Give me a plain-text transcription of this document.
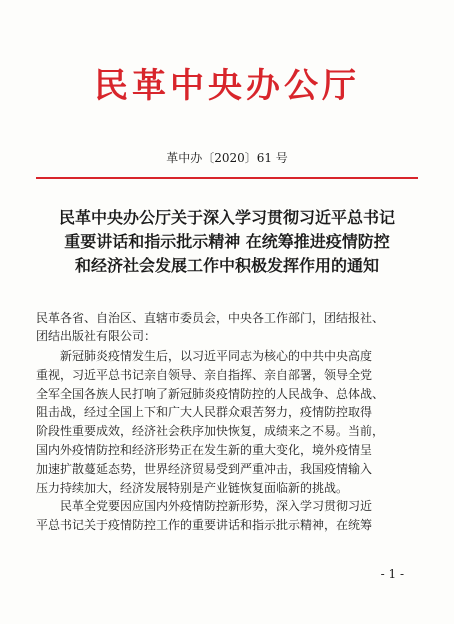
民革中央办公厅
革中办〔2020〕61 号
民革中央办公厅关于深入学习贯彻习近平总书记
重要讲话和指示批示精神 在统筹推进疫情防控
和经济社会发展工作中积极发挥作用的通知
民革各省、自治区、直辖市委员会，中央各工作部门，团结报社、
团结出版社有限公司：
　　新冠肺炎疫情发生后，以习近平同志为核心的中共中央高度
重视，习近平总书记亲自领导、亲自指挥、亲自部署，领导全党
全军全国各族人民打响了新冠肺炎疫情防控的人民战争、总体战、
阻击战，经过全国上下和广大人民群众艰苦努力，疫情防控取得
阶段性重要成效，经济社会秩序加快恢复，成绩来之不易。当前，
国内外疫情防控和经济形势正在发生新的重大变化，境外疫情呈
加速扩散蔓延态势，世界经济贸易受到严重冲击，我国疫情输入
压力持续加大，经济发展特别是产业链恢复面临新的挑战。
　　民革全党要因应国内外疫情防控新形势，深入学习贯彻习近
平总书记关于疫情防控工作的重要讲话和指示批示精神，在统筹
- 1 -
